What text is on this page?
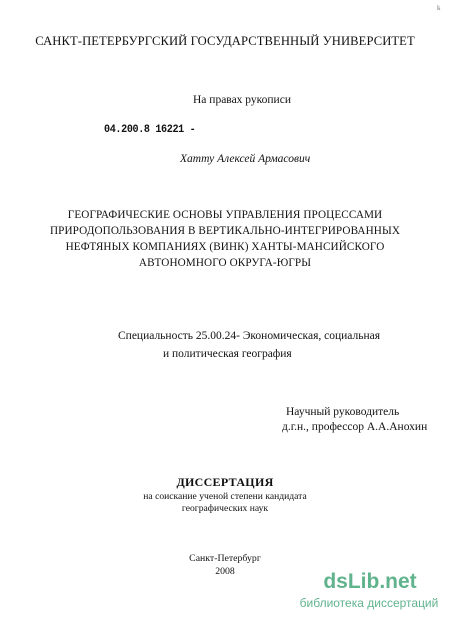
k
САНКТ-ПЕТЕРБУРГСКИЙ ГОСУДАРСТВЕННЫЙ УНИВЕРСИТЕТ
На правах рукописи
04.200.8 16221 ‑
Хатту Алексей Армасович
ГЕОГРАФИЧЕСКИЕ ОСНОВЫ УПРАВЛЕНИЯ ПРОЦЕССАМИ
ПРИРОДОПОЛЬЗОВАНИЯ В ВЕРТИКАЛЬНО-ИНТЕГРИРОВАННЫХ
НЕФТЯНЫХ КОМПАНИЯХ (ВИНК) ХАНТЫ-МАНСИЙСКОГО
АВТОНОМНОГО ОКРУГА-ЮГРЫ
Специальность 25.00.24- Экономическая, социальная
и политическая география
Научный руководитель
д.г.н., профессор А.А.Анохин
ДИССЕРТАЦИЯ
на соискание ученой степени кандидата
географических наук
Санкт-Петербург
2008	dsLib.net
библиотека диссертаций
